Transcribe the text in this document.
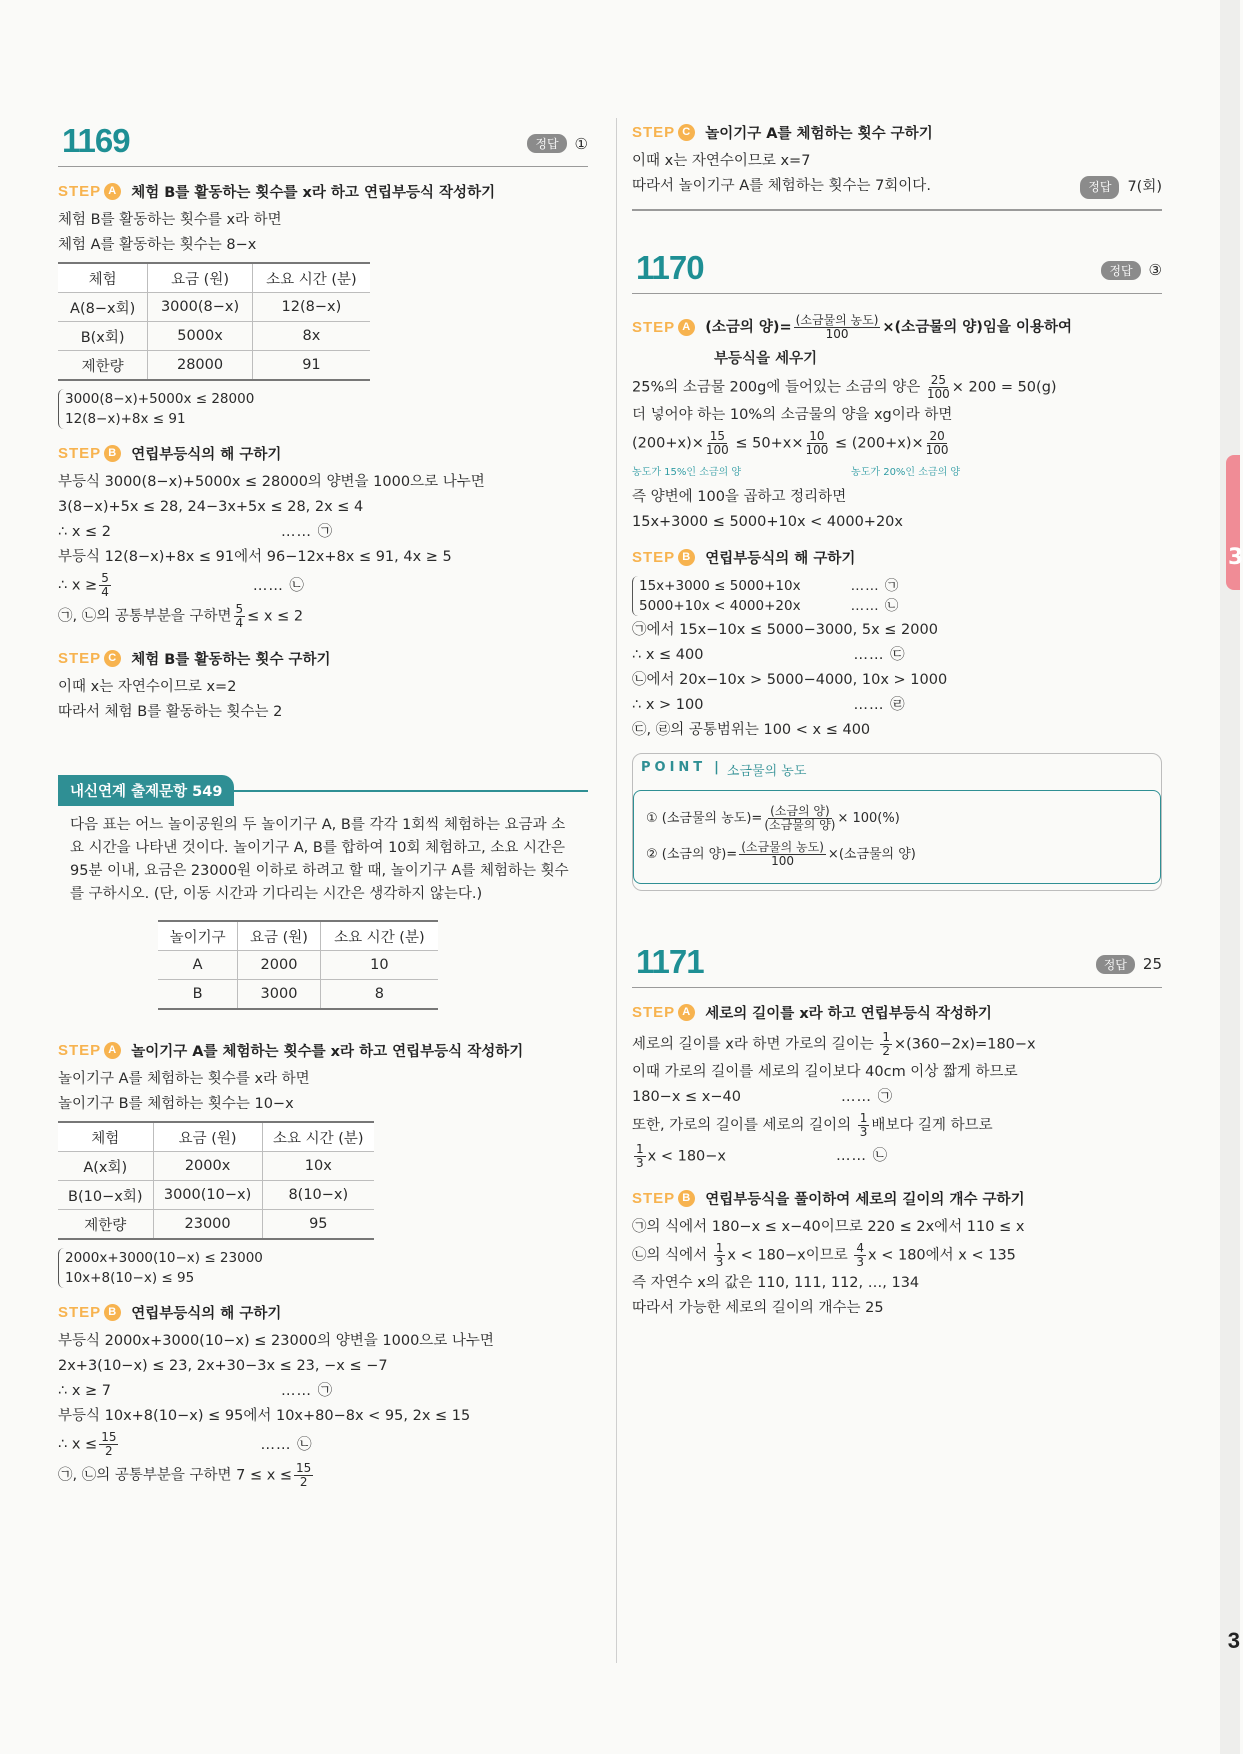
3
3
1169	정답	①
STEP A 체험 B를 활동하는 횟수를 x라 하고 연립부등식 작성하기
체험 B를 활동하는 횟수를 x라 하면
체험 A를 활동하는 횟수는 8−x
체험	요금 (원)	소요 시간 (분)
A(8−x회)	3000(8−x)	12(8−x)
B(x회)	5000x	8x
제한량	28000	91
3000(8−x)+5000x ≤ 28000
12(8−x)+8x ≤ 91
STEP B 연립부등식의 해 구하기
부등식 3000(8−x)+5000x ≤ 28000의 양변을 1000으로 나누면
3(8−x)+5x ≤ 28, 24−3x+5x ≤ 28, 2x ≤ 4
∴ x ≤ 2	…… ㉠
부등식 12(8−x)+8x ≤ 91에서 96−12x+8x ≤ 91, 4x ≥ 5
∴ $x \ge \frac{5}{4}$	…… ㉡
㉠, ㉡의 공통부분을 구하면 $\frac{5}{4} \le x \le 2$
STEP C 체험 B를 활동하는 횟수 구하기
이때 x는 자연수이므로 x=2
따라서 체험 B를 활동하는 횟수는 2
내신연계 출제문항 549
다음 표는 어느 놀이공원의 두 놀이기구 A, B를 각각 1회씩 체험하는 요금과 소요 시간을 나타낸 것이다. 놀이기구 A, B를 합하여 10회 체험하고, 소요 시간은 95분 이내, 요금은 23000원 이하로 하려고 할 때, 놀이기구 A를 체험하는 횟수를 구하시오. (단, 이동 시간과 기다리는 시간은 생각하지 않는다.)
놀이기구	요금 (원)	소요 시간 (분)
A	2000	10
B	3000	8
STEP A 놀이기구 A를 체험하는 횟수를 x라 하고 연립부등식 작성하기
놀이기구 A를 체험하는 횟수를 x라 하면
놀이기구 B를 체험하는 횟수는 10−x
체험	요금 (원)	소요 시간 (분)
A(x회)	2000x	10x
B(10−x회)	3000(10−x)	8(10−x)
제한량	23000	95
2000x+3000(10−x) ≤ 23000
10x+8(10−x) ≤ 95
STEP B 연립부등식의 해 구하기
부등식 2000x+3000(10−x) ≤ 23000의 양변을 1000으로 나누면
2x+3(10−x) ≤ 23, 2x+30−3x ≤ 23, −x ≤ −7
∴ x ≥ 7	…… ㉠
부등식 10x+8(10−x) ≤ 95에서 10x+80−8x < 95, 2x ≤ 15
∴ $x \le \frac{15}{2}$	…… ㉡
㉠, ㉡의 공통부분을 구하면 $7 \le x \le \frac{15}{2}$
STEP C 놀이기구 A를 체험하는 횟수 구하기
이때 x는 자연수이므로 x=7
따라서 놀이기구 A를 체험하는 횟수는 7회이다.	정답	7(회)
1170	정답	③
STEP A (소금의 양)= (소금물의 농도)
100 ×(소금물의 양)임을 이용하여
부등식을 세우기
25%의 소금물 200g에 들어있는 소금의 양은 $\frac{25}{100} \times 200 = 50(g)$
더 넣어야 하는 10%의 소금물의 양을 xg이라 하면
$(200+x)\times \frac{15}{100} \le 50+x\times \frac{10}{100} \le (200+x)\times \frac{20}{100}$
농도가 15%인 소금의 양	농도가 20%인 소금의 양
즉 양변에 100을 곱하고 정리하면
15x+3000 ≤ 5000+10x < 4000+20x
STEP B 연립부등식의 해 구하기
15x+3000 ≤ 5000+10x	…… ㉠
5000+10x < 4000+20x	…… ㉡
㉠에서 15x−10x ≤ 5000−3000, 5x ≤ 2000
∴ x ≤ 400	…… ㉢
㉡에서 20x−10x > 5000−4000, 10x > 1000
∴ x > 100	…… ㉣
㉢, ㉣의 공통범위는 100 < x ≤ 400
POINT | 소금물의 농도
① (소금물의 농도)= (소금의 양)
(소금물의 양) × 100(%)
② (소금의 양)= (소금물의 농도)
100	×(소금물의 양)
1171	정답	25
STEP A 세로의 길이를 x라 하고 연립부등식 작성하기
세로의 길이를 x라 하면 가로의 길이는 $\frac{1}{2} \times(360-2x)=180-x$
이때 가로의 길이를 세로의 길이보다 40cm 이상 짧게 하므로
180−x ≤ x−40	…… ㉠
또한, 가로의 길이를 세로의 길이의 $\frac{1}{3}$ 배보다 길게 하므로
$\frac{1}{3}$ x < 180−x	…… ㉡
STEP B 연립부등식을 풀이하여 세로의 길이의 개수 구하기
㉠의 식에서 180−x ≤ x−40이므로 220 ≤ 2x에서 110 ≤ x
㉡의 식에서 $\frac{1}{3}$ x < 180−x이므로 $\frac{4}{3}$ x < 180에서 x < 135
즉 자연수 x의 값은 110, 111, 112, …, 134
따라서 가능한 세로의 길이의 개수는 25
